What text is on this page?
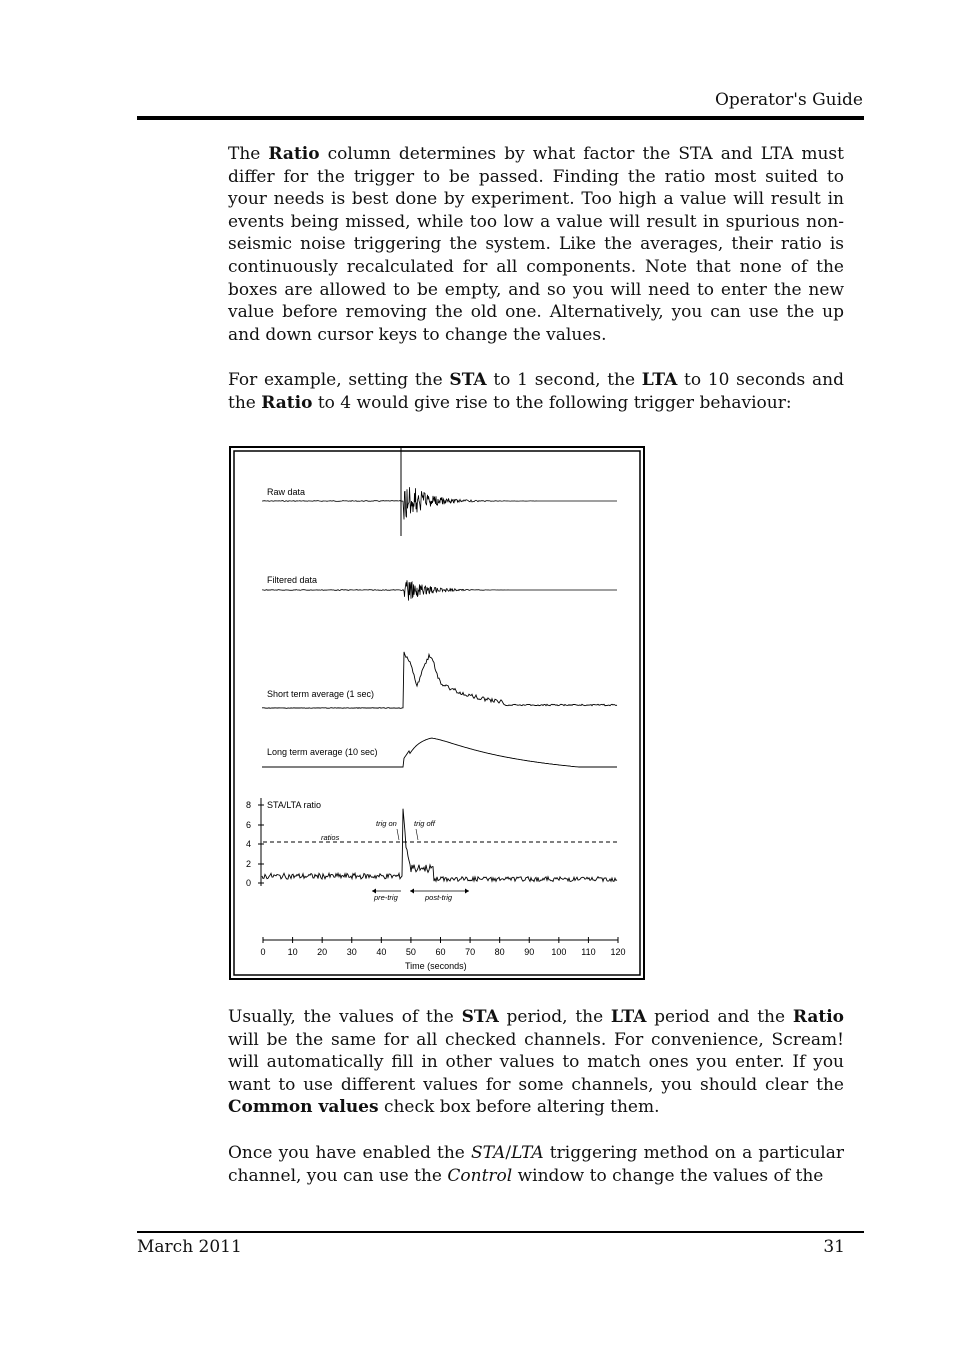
Operator's Guide

The Ratio column determines by what factor the STA and LTA must differ for the trigger to be passed. Finding the ratio most suited to your needs is best done by experiment. Too high a value will result in events being missed, while too low a value will result in spurious non-seismic noise triggering the system. Like the averages, their ratio is continuously recalculated for all components. Note that none of the boxes are allowed to be empty, and so you will need to enter the new value before removing the old one. Alternatively, you can use the up and down cursor keys to change the values.

For example, setting the STA to 1 second, the LTA to 10 seconds and the Ratio to 4 would give rise to the following trigger behaviour:

Raw data
Filtered data
Short term average (1 sec)
Long term average (10 sec)
STA/LTA ratio
8
6
4
2
0
ratios
trig on trig off
pre-trig	post-trig
0 10 20 30 40 50 60 70 80 90 100 110 120
Time (seconds)

Usually, the values of the STA period, the LTA period and the Ratio will be the same for all checked channels. For convenience, Scream! will automatically fill in other values to match ones you enter. If you want to use different values for some channels, you should clear the Common values check box before altering them.

Once you have enabled the STA/LTA triggering method on a particular channel, you can use the Control window to change the values of the

March 2011	31
